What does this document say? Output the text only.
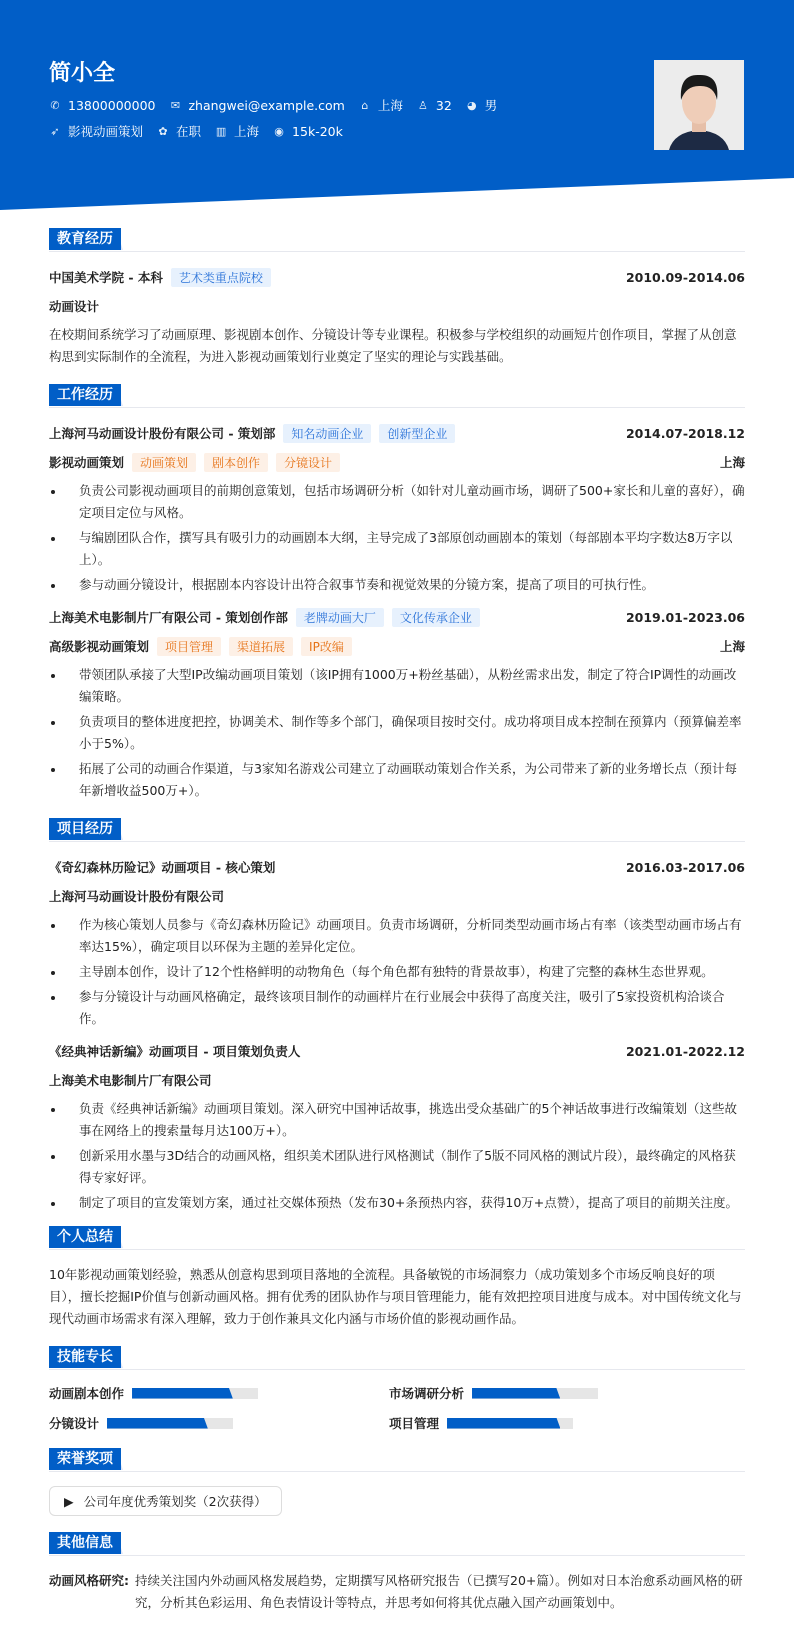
简小全
✆ 13800000000 ✉ zhangwei@example.com ⌂ 上海 ♙ 32 ◕ 男
➶ 影视动画策划 ✿ 在职 ▥ 上海 ◉ 15k-20k
教育经历
中国美术学院 - 本科	艺术类重点院校	2010.09-2014.06
动画设计
在校期间系统学习了动画原理、影视剧本创作、分镜设计等专业课程。积极参与学校组织的动画短片创作项目，掌握了从创意构思到实际制作的全流程，为进入影视动画策划行业奠定了坚实的理论与实践基础。
工作经历
上海河马动画设计股份有限公司 - 策划部	知名动画企业	创新型企业	2014.07-2018.12
影视动画策划	动画策划	剧本创作	分镜设计	上海
负责公司影视动画项目的前期创意策划，包括市场调研分析（如针对儿童动画市场，调研了500+家长和儿童的喜好），确定项目定位与风格。
与编剧团队合作，撰写具有吸引力的动画剧本大纲，主导完成了3部原创动画剧本的策划（每部剧本平均字数达8万字以上）。
参与动画分镜设计，根据剧本内容设计出符合叙事节奏和视觉效果的分镜方案，提高了项目的可执行性。
上海美术电影制片厂有限公司 - 策划创作部	老牌动画大厂	文化传承企业	2019.01-2023.06
高级影视动画策划	项目管理	渠道拓展	IP改编	上海
带领团队承接了大型IP改编动画项目策划（该IP拥有1000万+粉丝基础），从粉丝需求出发，制定了符合IP调性的动画改编策略。
负责项目的整体进度把控，协调美术、制作等多个部门，确保项目按时交付。成功将项目成本控制在预算内（预算偏差率小于5%）。
拓展了公司的动画合作渠道，与3家知名游戏公司建立了动画联动策划合作关系，为公司带来了新的业务增长点（预计每年新增收益500万+）。
项目经历
《奇幻森林历险记》动画项目 - 核心策划	2016.03-2017.06
上海河马动画设计股份有限公司
作为核心策划人员参与《奇幻森林历险记》动画项目。负责市场调研，分析同类型动画市场占有率（该类型动画市场占有率达15%），确定项目以环保为主题的差异化定位。
主导剧本创作，设计了12个性格鲜明的动物角色（每个角色都有独特的背景故事），构建了完整的森林生态世界观。
参与分镜设计与动画风格确定，最终该项目制作的动画样片在行业展会中获得了高度关注，吸引了5家投资机构洽谈合作。
《经典神话新编》动画项目 - 项目策划负责人	2021.01-2022.12
上海美术电影制片厂有限公司
负责《经典神话新编》动画项目策划。深入研究中国神话故事，挑选出受众基础广的5个神话故事进行改编策划（这些故事在网络上的搜索量每月达100万+）。
创新采用水墨与3D结合的动画风格，组织美术团队进行风格测试（制作了5版不同风格的测试片段），最终确定的风格获得专家好评。
制定了项目的宣发策划方案，通过社交媒体预热（发布30+条预热内容，获得10万+点赞），提高了项目的前期关注度。
个人总结
10年影视动画策划经验，熟悉从创意构思到项目落地的全流程。具备敏锐的市场洞察力（成功策划多个市场反响良好的项目），擅长挖掘IP价值与创新动画风格。拥有优秀的团队协作与项目管理能力，能有效把控项目进度与成本。对中国传统文化与现代动画市场需求有深入理解，致力于创作兼具文化内涵与市场价值的影视动画作品。
技能专长
动画剧本创作	市场调研分析
分镜设计	项目管理
荣誉奖项
▶ 公司年度优秀策划奖（2次获得）
其他信息
动画风格研究: 持续关注国内外动画风格发展趋势，定期撰写风格研究报告（已撰写20+篇）。例如对日本治愈系动画风格的研究，分析其色彩运用、角色表情设计等特点，并思考如何将其优点融入国产动画策划中。
